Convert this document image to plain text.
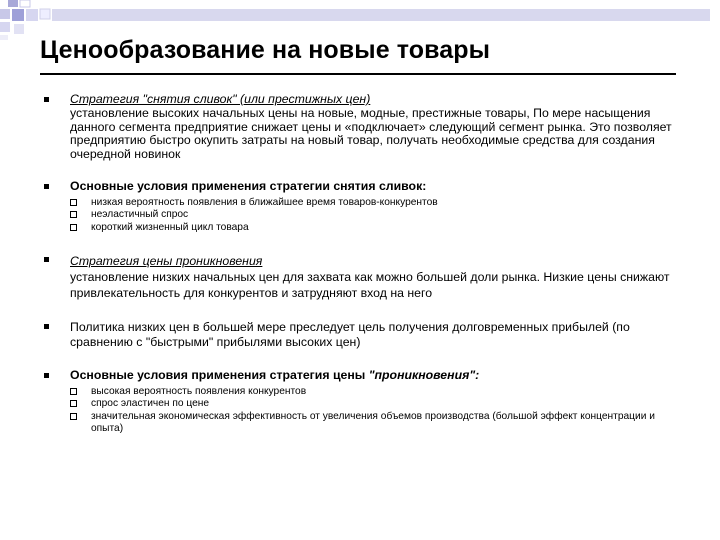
Ценообразование на новые товары
Стратегия "снятия сливок" (или престижных цен)
установление высоких начальных цены на новые, модные, престижные товары, По мере насыщения данного сегмента предприятие снижает цены и «подключает» следующий сегмент рынка. Это позволяет предприятию быстро окупить затраты на новый товар, получать необходимые средства для создания очередной новинок
Основные условия применения стратегии снятия сливок:
низкая вероятность появления в ближайшее время товаров-конкурентов
неэластичный спрос
короткий жизненный цикл товара
Стратегия цены проникновения
установление низких начальных цен для захвата как можно большей доли рынка. Низкие цены снижают привлекательность для конкурентов и затрудняют вход на него
Политика низких цен в большей мере преследует цель получения долговременных прибылей (по сравнению с "быстрыми" прибылями высоких цен)
Основные условия применения стратегия цены "проникновения":
высокая вероятность появления конкурентов
спрос эластичен по цене
значительная экономическая эффективность от увеличения объемов производства (большой эффект концентрации и опыта)
